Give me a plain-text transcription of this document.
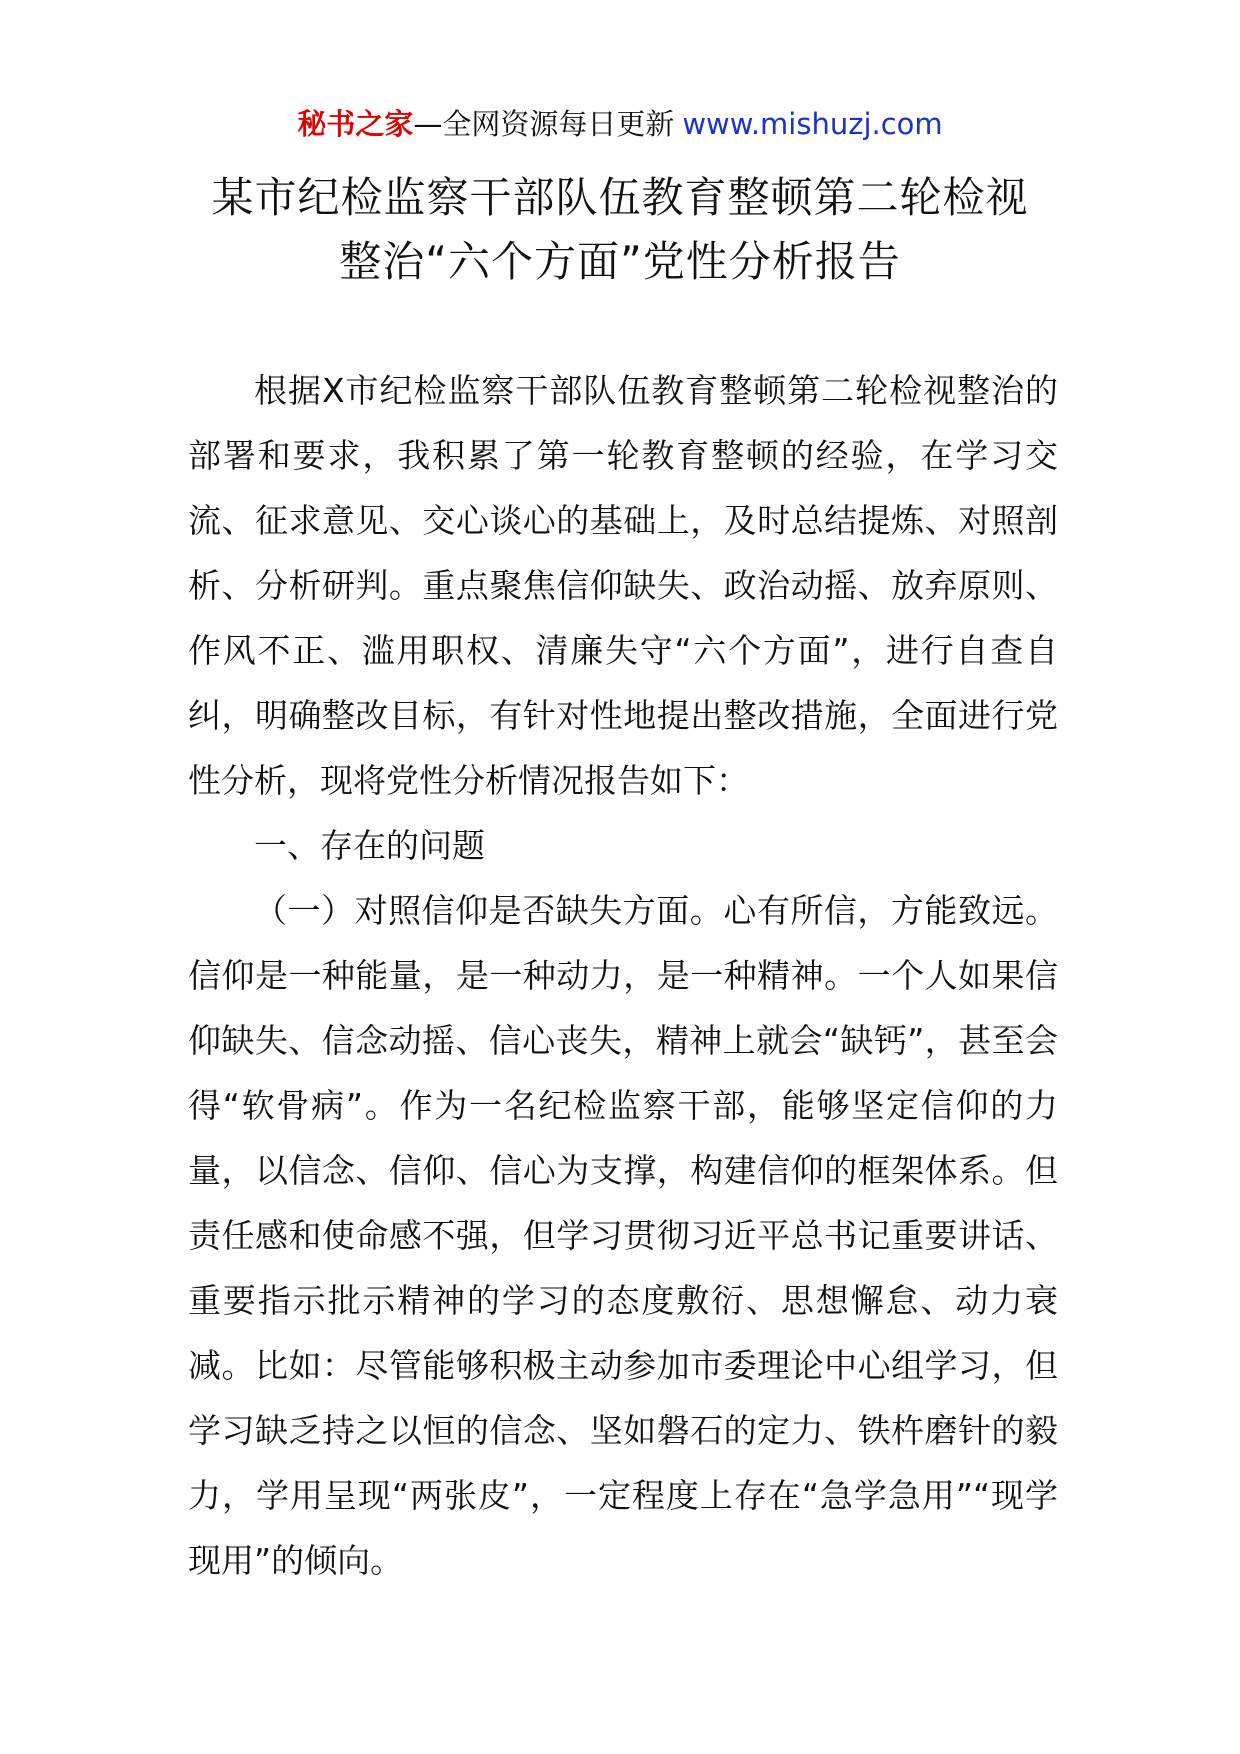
秘书之家—全网资源每日更新 www.mishuzj.com
某市纪检监察干部队伍教育整顿第二轮检视
整治“六个方面”党性分析报告

根据X市纪检监察干部队伍教育整顿第二轮检视整治的部署和要求，我积累了第一轮教育整顿的经验，在学习交流、征求意见、交心谈心的基础上，及时总结提炼、对照剖析、分析研判。重点聚焦信仰缺失、政治动摇、放弃原则、作风不正、滥用职权、清廉失守“六个方面”，进行自查自纠，明确整改目标，有针对性地提出整改措施，全面进行党性分析，现将党性分析情况报告如下：

一、存在的问题

（一）对照信仰是否缺失方面。心有所信，方能致远。信仰是一种能量，是一种动力，是一种精神。一个人如果信仰缺失、信念动摇、信心丧失，精神上就会“缺钙”，甚至会得“软骨病”。作为一名纪检监察干部，能够坚定信仰的力量，以信念、信仰、信心为支撑，构建信仰的框架体系。但责任感和使命感不强，但学习贯彻习近平总书记重要讲话、重要指示批示精神的学习的态度敷衍、思想懈怠、动力衰减。比如：尽管能够积极主动参加市委理论中心组学习，但学习缺乏持之以恒的信念、坚如磐石的定力、铁杵磨针的毅力，学用呈现“两张皮”，一定程度上存在“急学急用”“现学现用”的倾向。
